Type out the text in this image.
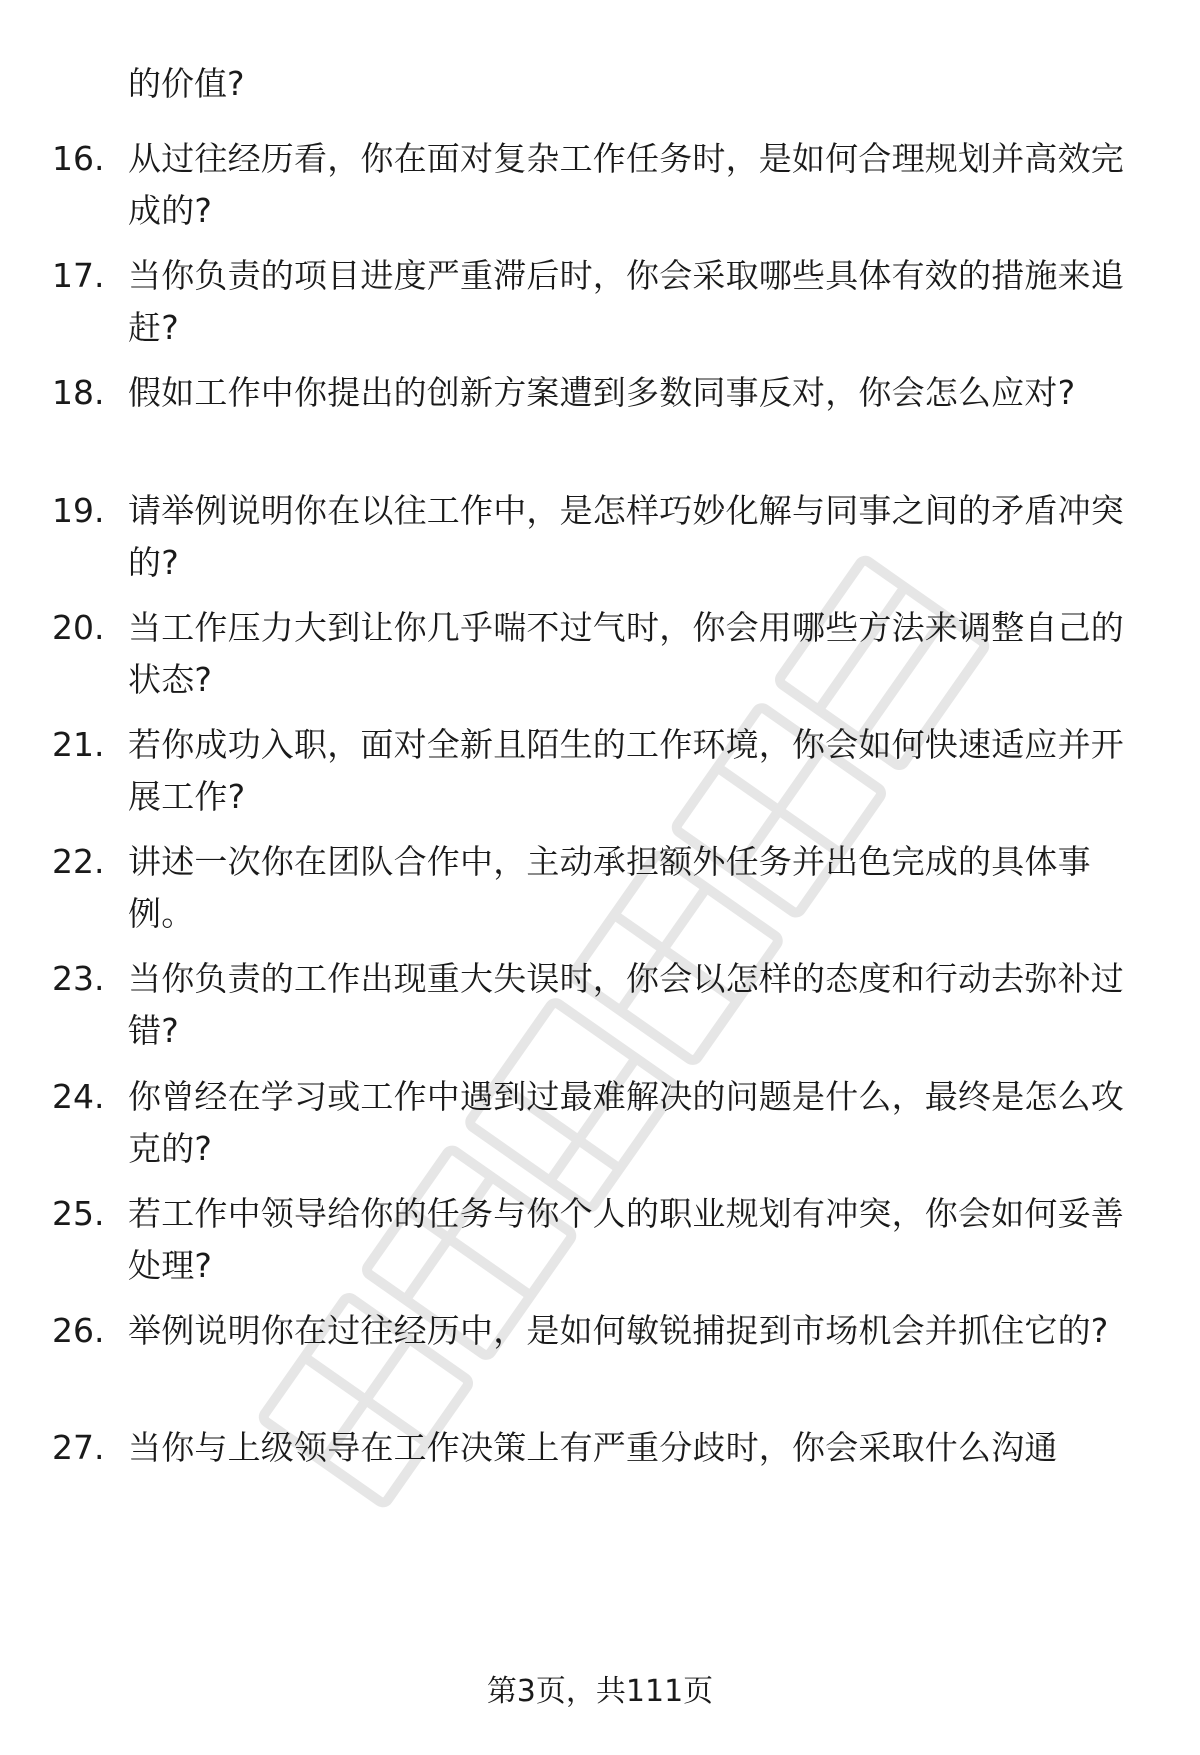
的价值?
16. 从过往经历看，你在面对复杂工作任务时，是如何合理规划并高效完成的?
17. 当你负责的项目进度严重滞后时，你会采取哪些具体有效的措施来追赶?
18. 假如工作中你提出的创新方案遭到多数同事反对，你会怎么应对?
19. 请举例说明你在以往工作中，是怎样巧妙化解与同事之间的矛盾冲突的?
20. 当工作压力大到让你几乎喘不过气时，你会用哪些方法来调整自己的状态?
21. 若你成功入职，面对全新且陌生的工作环境，你会如何快速适应并开展工作?
22. 讲述一次你在团队合作中，主动承担额外任务并出色完成的具体事例。
23. 当你负责的工作出现重大失误时，你会以怎样的态度和行动去弥补过错?
24. 你曾经在学习或工作中遇到过最难解决的问题是什么，最终是怎么攻克的?
25. 若工作中领导给你的任务与你个人的职业规划有冲突，你会如何妥善处理?
26. 举例说明你在过往经历中，是如何敏锐捕捉到市场机会并抓住它的?
27. 当你与上级领导在工作决策上有严重分歧时，你会采取什么沟通
第3页，共111页
